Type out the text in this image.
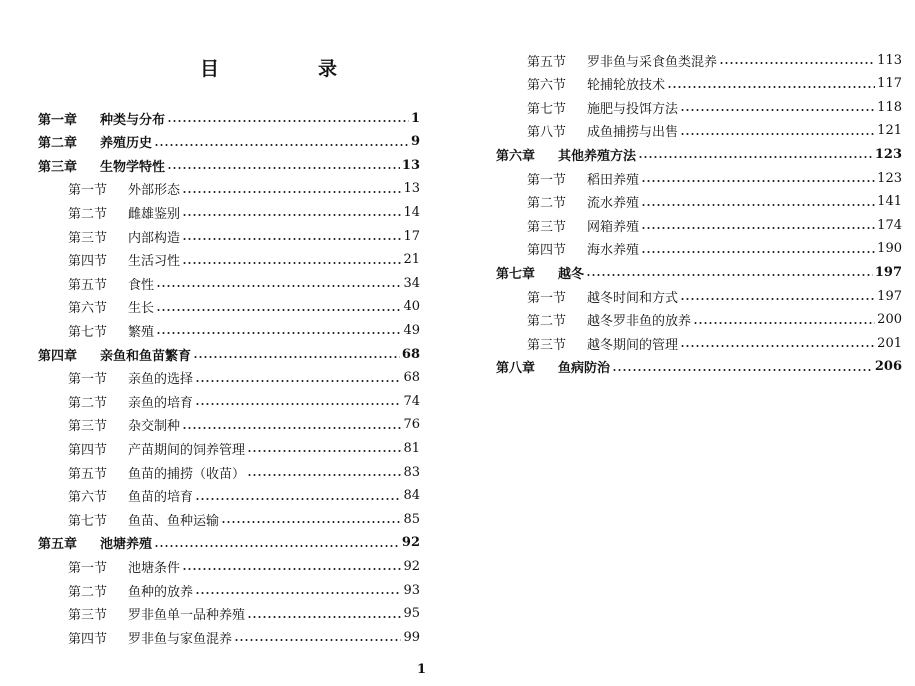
目　录
第一章	种类与分布	1
第二章	养殖历史	9
第三章	生物学特性	13
第一节	外部形态	13
第二节	雌雄鉴别	14
第三节	内部构造	17
第四节	生活习性	21
第五节	食性	34
第六节	生长	40
第七节	繁殖	49
第四章	亲鱼和鱼苗繁育	68
第一节	亲鱼的选择	68
第二节	亲鱼的培育	74
第三节	杂交制种	76
第四节	产苗期间的饲养管理	81
第五节	鱼苗的捕捞（收苗）	83
第六节	鱼苗的培育	84
第七节	鱼苗、鱼种运输	85
第五章	池塘养殖	92
第一节	池塘条件	92
第二节	鱼种的放养	93
第三节	罗非鱼单一品种养殖	95
第四节	罗非鱼与家鱼混养	99
第五节	罗非鱼与采食鱼类混养	113
第六节	轮捕轮放技术	117
第七节	施肥与投饵方法	118
第八节	成鱼捕捞与出售	121
第六章	其他养殖方法	123
第一节	稻田养殖	123
第二节	流水养殖	141
第三节	网箱养殖	174
第四节	海水养殖	190
第七章	越冬	197
第一节	越冬时间和方式	197
第二节	越冬罗非鱼的放养	200
第三节	越冬期间的管理	201
第八章	鱼病防治	206
1
